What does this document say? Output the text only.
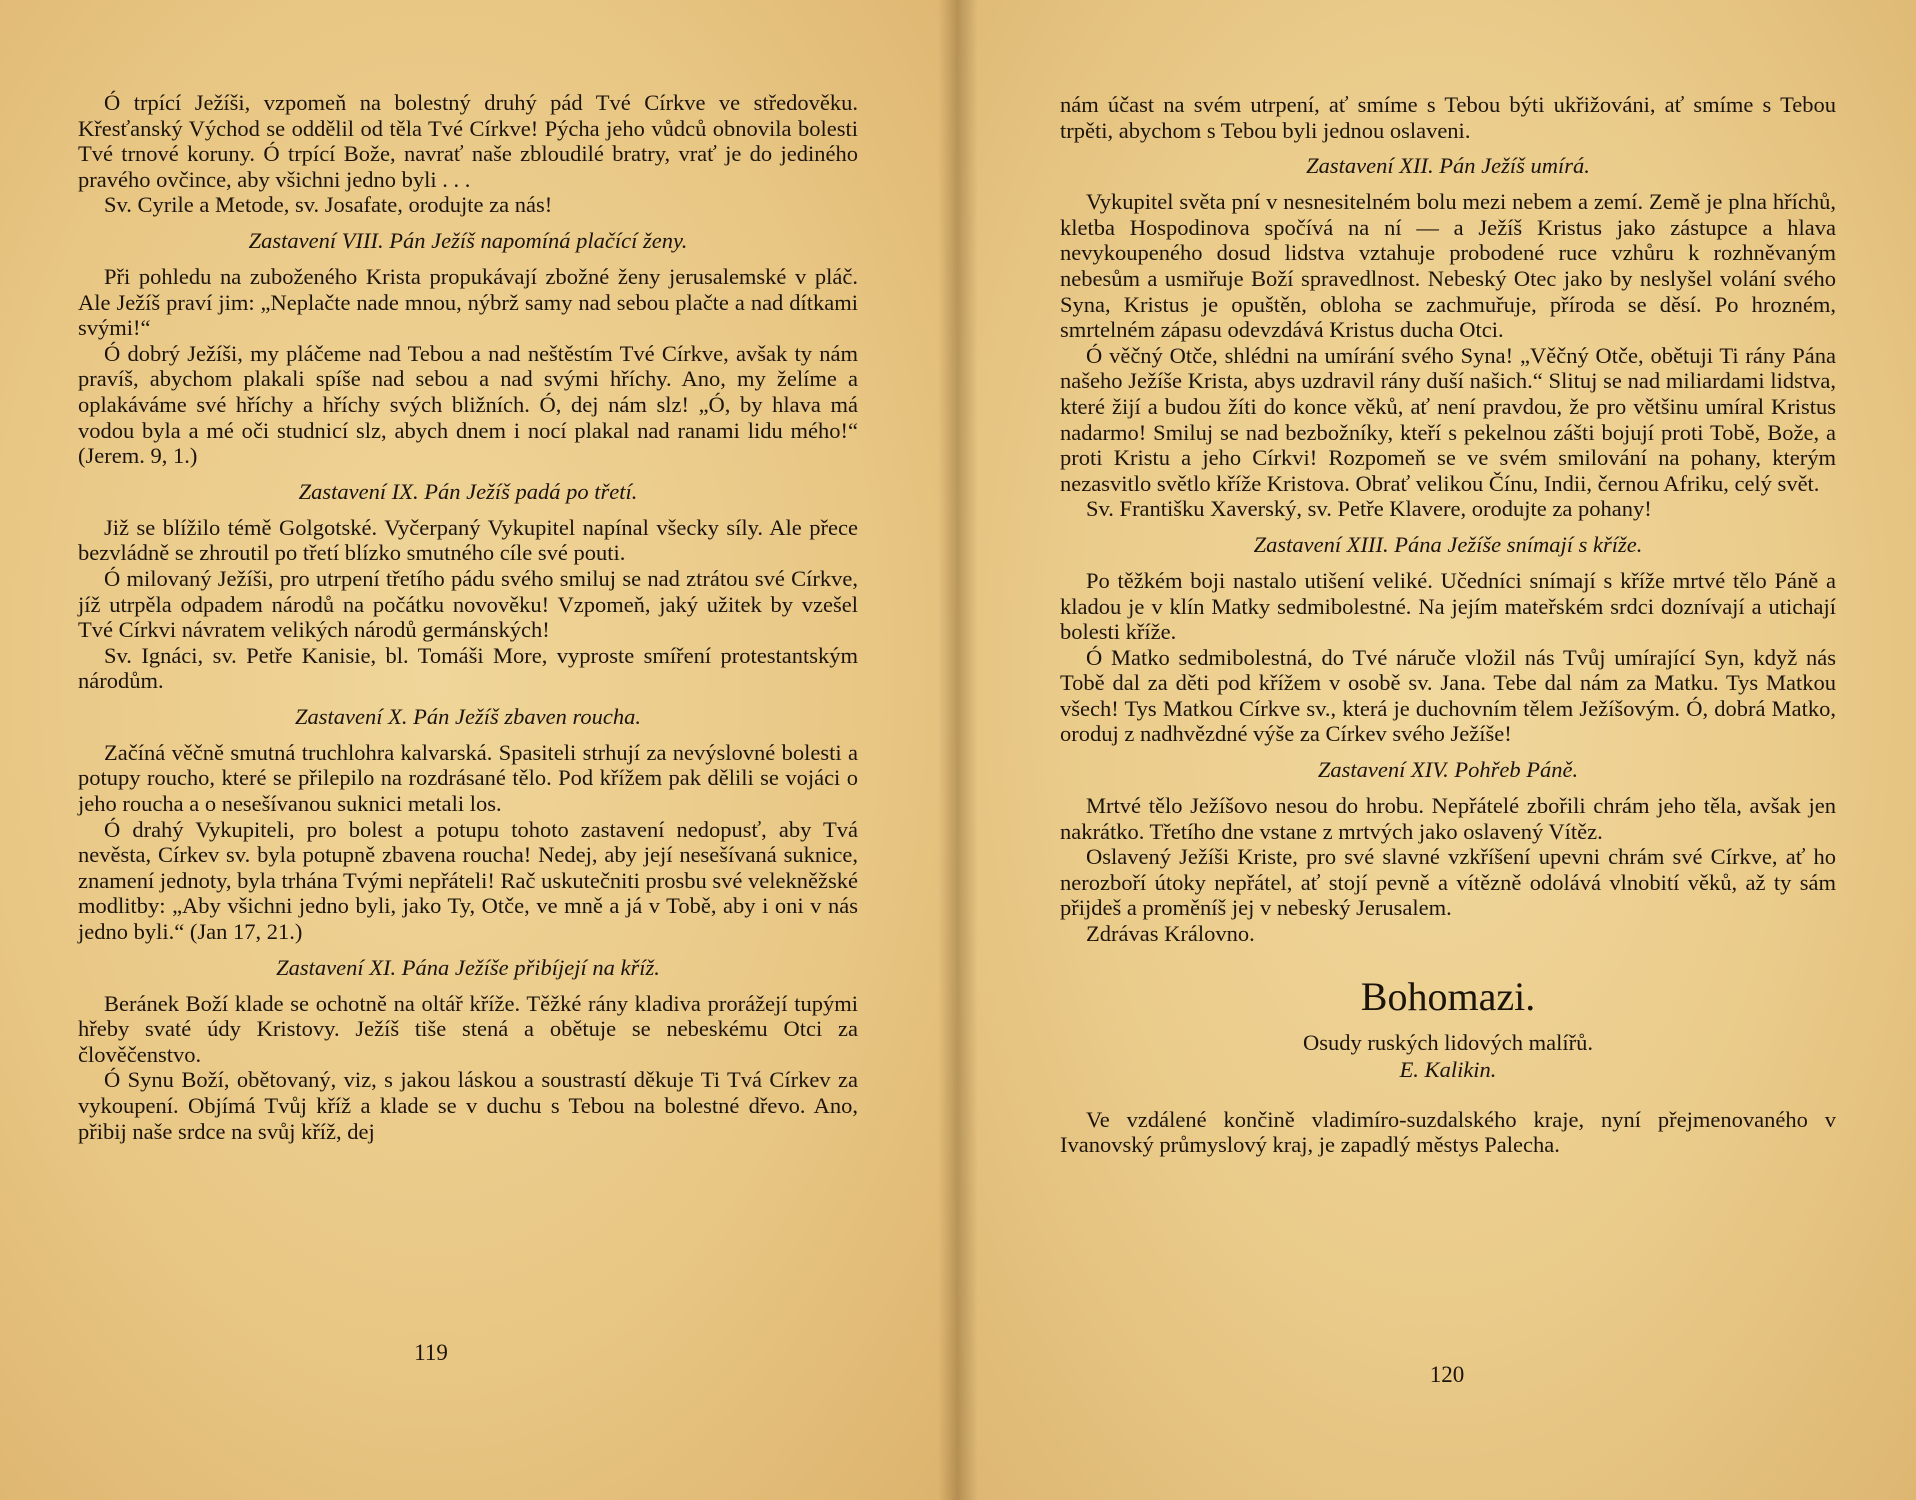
Ó trpící Ježíši, vzpomeň na bolestný druhý pád Tvé Církve ve středověku. Křesťanský Východ se oddělil od těla Tvé Církve! Pýcha jeho vůdců obnovila bolesti Tvé trnové koruny. Ó trpící Bože, navrať naše zbloudilé bratry, vrať je do jediného pravého ovčince, aby všichni jedno byli . . .

Sv. Cyrile a Metode, sv. Josafate, orodujte za nás!

Zastavení VIII. Pán Ježíš napomíná plačící ženy.

Při pohledu na zuboženého Krista propukávají zbožné ženy jerusalemské v pláč. Ale Ježíš praví jim: „Neplačte nade mnou, nýbrž samy nad sebou plačte a nad dítkami svými!“

Ó dobrý Ježíši, my pláčeme nad Tebou a nad neštěstím Tvé Církve, avšak ty nám pravíš, abychom plakali spíše nad sebou a nad svými hříchy. Ano, my želíme a oplakáváme své hříchy a hříchy svých bližních. Ó, dej nám slz! „Ó, by hlava má vodou byla a mé oči studnicí slz, abych dnem i nocí plakal nad ranami lidu mého!“ (Jerem. 9, 1.)

Zastavení IX. Pán Ježíš padá po třetí.

Již se blížilo témě Golgotské. Vyčerpaný Vykupitel napínal všecky síly. Ale přece bezvládně se zhroutil po třetí blízko smutného cíle své pouti.

Ó milovaný Ježíši, pro utrpení třetího pádu svého smiluj se nad ztrátou své Církve, jíž utrpěla odpadem národů na počátku novověku! Vzpomeň, jaký užitek by vzešel Tvé Církvi návratem velikých národů germánských!

Sv. Ignáci, sv. Petře Kanisie, bl. Tomáši More, vyproste smíření protestantským národům.

Zastavení X. Pán Ježíš zbaven roucha.

Začíná věčně smutná truchlohra kalvarská. Spasiteli strhují za nevýslovné bolesti a potupy roucho, které se přilepilo na rozdrásané tělo. Pod křížem pak dělili se vojáci o jeho roucha a o nesešívanou suknici metali los.

Ó drahý Vykupiteli, pro bolest a potupu tohoto zastavení nedopusť, aby Tvá nevěsta, Církev sv. byla potupně zbavena roucha! Nedej, aby její nesešívaná suknice, znamení jednoty, byla trhána Tvými nepřáteli! Rač uskutečniti prosbu své velekněžské modlitby: „Aby všichni jedno byli, jako Ty, Otče, ve mně a já v Tobě, aby i oni v nás jedno byli.“ (Jan 17, 21.)

Zastavení XI. Pána Ježíše přibíjejí na kříž.

Beránek Boží klade se ochotně na oltář kříže. Těžké rány kladiva prorážejí tupými hřeby svaté údy Kristovy. Ježíš tiše stená a obětuje se nebeskému Otci za člověčenstvo.

Ó Synu Boží, obětovaný, viz, s jakou láskou a soustrastí děkuje Ti Tvá Církev za vykoupení. Objímá Tvůj kříž a klade se v duchu s Tebou na bolestné dřevo. Ano, přibij naše srdce na svůj kříž, dej

119

nám účast na svém utrpení, ať smíme s Tebou býti ukřižováni, ať smíme s Tebou trpěti, abychom s Tebou byli jednou oslaveni.

Zastavení XII. Pán Ježíš umírá.

Vykupitel světa pní v nesnesitelném bolu mezi nebem a zemí. Země je plna hříchů, kletba Hospodinova spočívá na ní — a Ježíš Kristus jako zástupce a hlava nevykoupeného dosud lidstva vztahuje probodené ruce vzhůru k rozhněvaným nebesům a usmiřuje Boží spravedlnost. Nebeský Otec jako by neslyšel volání svého Syna, Kristus je opuštěn, obloha se zachmuřuje, příroda se děsí. Po hrozném, smrtelném zápasu odevzdává Kristus ducha Otci.

Ó věčný Otče, shlédni na umírání svého Syna! „Věčný Otče, obětuji Ti rány Pána našeho Ježíše Krista, abys uzdravil rány duší našich.“ Slituj se nad miliardami lidstva, které žijí a budou žíti do konce věků, ať není pravdou, že pro většinu umíral Kristus nadarmo! Smiluj se nad bezbožníky, kteří s pekelnou zášti bojují proti Tobě, Bože, a proti Kristu a jeho Církvi! Rozpomeň se ve svém smilování na pohany, kterým nezasvitlo světlo kříže Kristova. Obrať velikou Čínu, Indii, černou Afriku, celý svět.

Sv. Františku Xaverský, sv. Petře Klavere, orodujte za pohany!

Zastavení XIII. Pána Ježíše snímají s kříže.

Po těžkém boji nastalo utišení veliké. Učedníci snímají s kříže mrtvé tělo Páně a kladou je v klín Matky sedmibolestné. Na jejím mateřském srdci doznívají a utichají bolesti kříže.

Ó Matko sedmibolestná, do Tvé náruče vložil nás Tvůj umírající Syn, když nás Tobě dal za děti pod křížem v osobě sv. Jana. Tebe dal nám za Matku. Tys Matkou všech! Tys Matkou Církve sv., která je duchovním tělem Ježíšovým. Ó, dobrá Matko, oroduj z nadhvězdné výše za Církev svého Ježíše!

Zastavení XIV. Pohřeb Páně.

Mrtvé tělo Ježíšovo nesou do hrobu. Nepřátelé zbořili chrám jeho těla, avšak jen nakrátko. Třetího dne vstane z mrtvých jako oslavený Vítěz.

Oslavený Ježíši Kriste, pro své slavné vzkříšení upevni chrám své Církve, ať ho nerozboří útoky nepřátel, ať stojí pevně a vítězně odolává vlnobití věků, až ty sám přijdeš a proměníš jej v nebeský Jerusalem.

Zdrávas Královno.

Bohomazi.
Osudy ruských lidových malířů.
E. Kalikin.

Ve vzdálené končině vladimíro-suzdalského kraje, nyní přejmenovaného v Ivanovský průmyslový kraj, je zapadlý městys Palecha.

120
